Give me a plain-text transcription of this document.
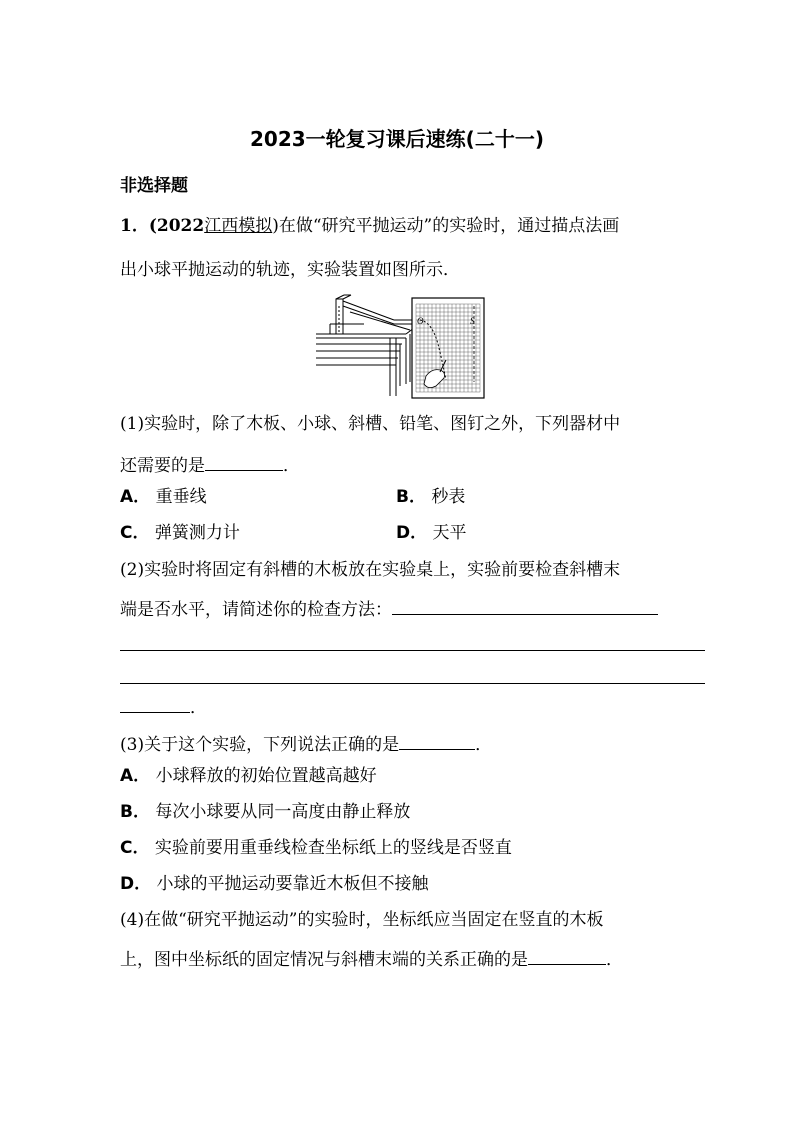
2023一轮复习课后速练(二十一)
非选择题
1．(2022江西模拟)在做“研究平抛运动”的实验时，通过描点法画
出小球平抛运动的轨迹，实验装置如图所示．
O	S
(1)实验时，除了木板、小球、斜槽、铅笔、图钉之外，下列器材中
还需要的是	．
A． 重垂线	B． 秒表
C． 弹簧测力计	D． 天平
(2)实验时将固定有斜槽的木板放在实验桌上，实验前要检查斜槽末
端是否水平，请简述你的检查方法：
．
(3)关于这个实验，下列说法正确的是	．
A． 小球释放的初始位置越高越好
B． 每次小球要从同一高度由静止释放
C． 实验前要用重垂线检查坐标纸上的竖线是否竖直
D． 小球的平抛运动要靠近木板但不接触
(4)在做“研究平抛运动”的实验时，坐标纸应当固定在竖直的木板
上，图中坐标纸的固定情况与斜槽末端的关系正确的是	．
